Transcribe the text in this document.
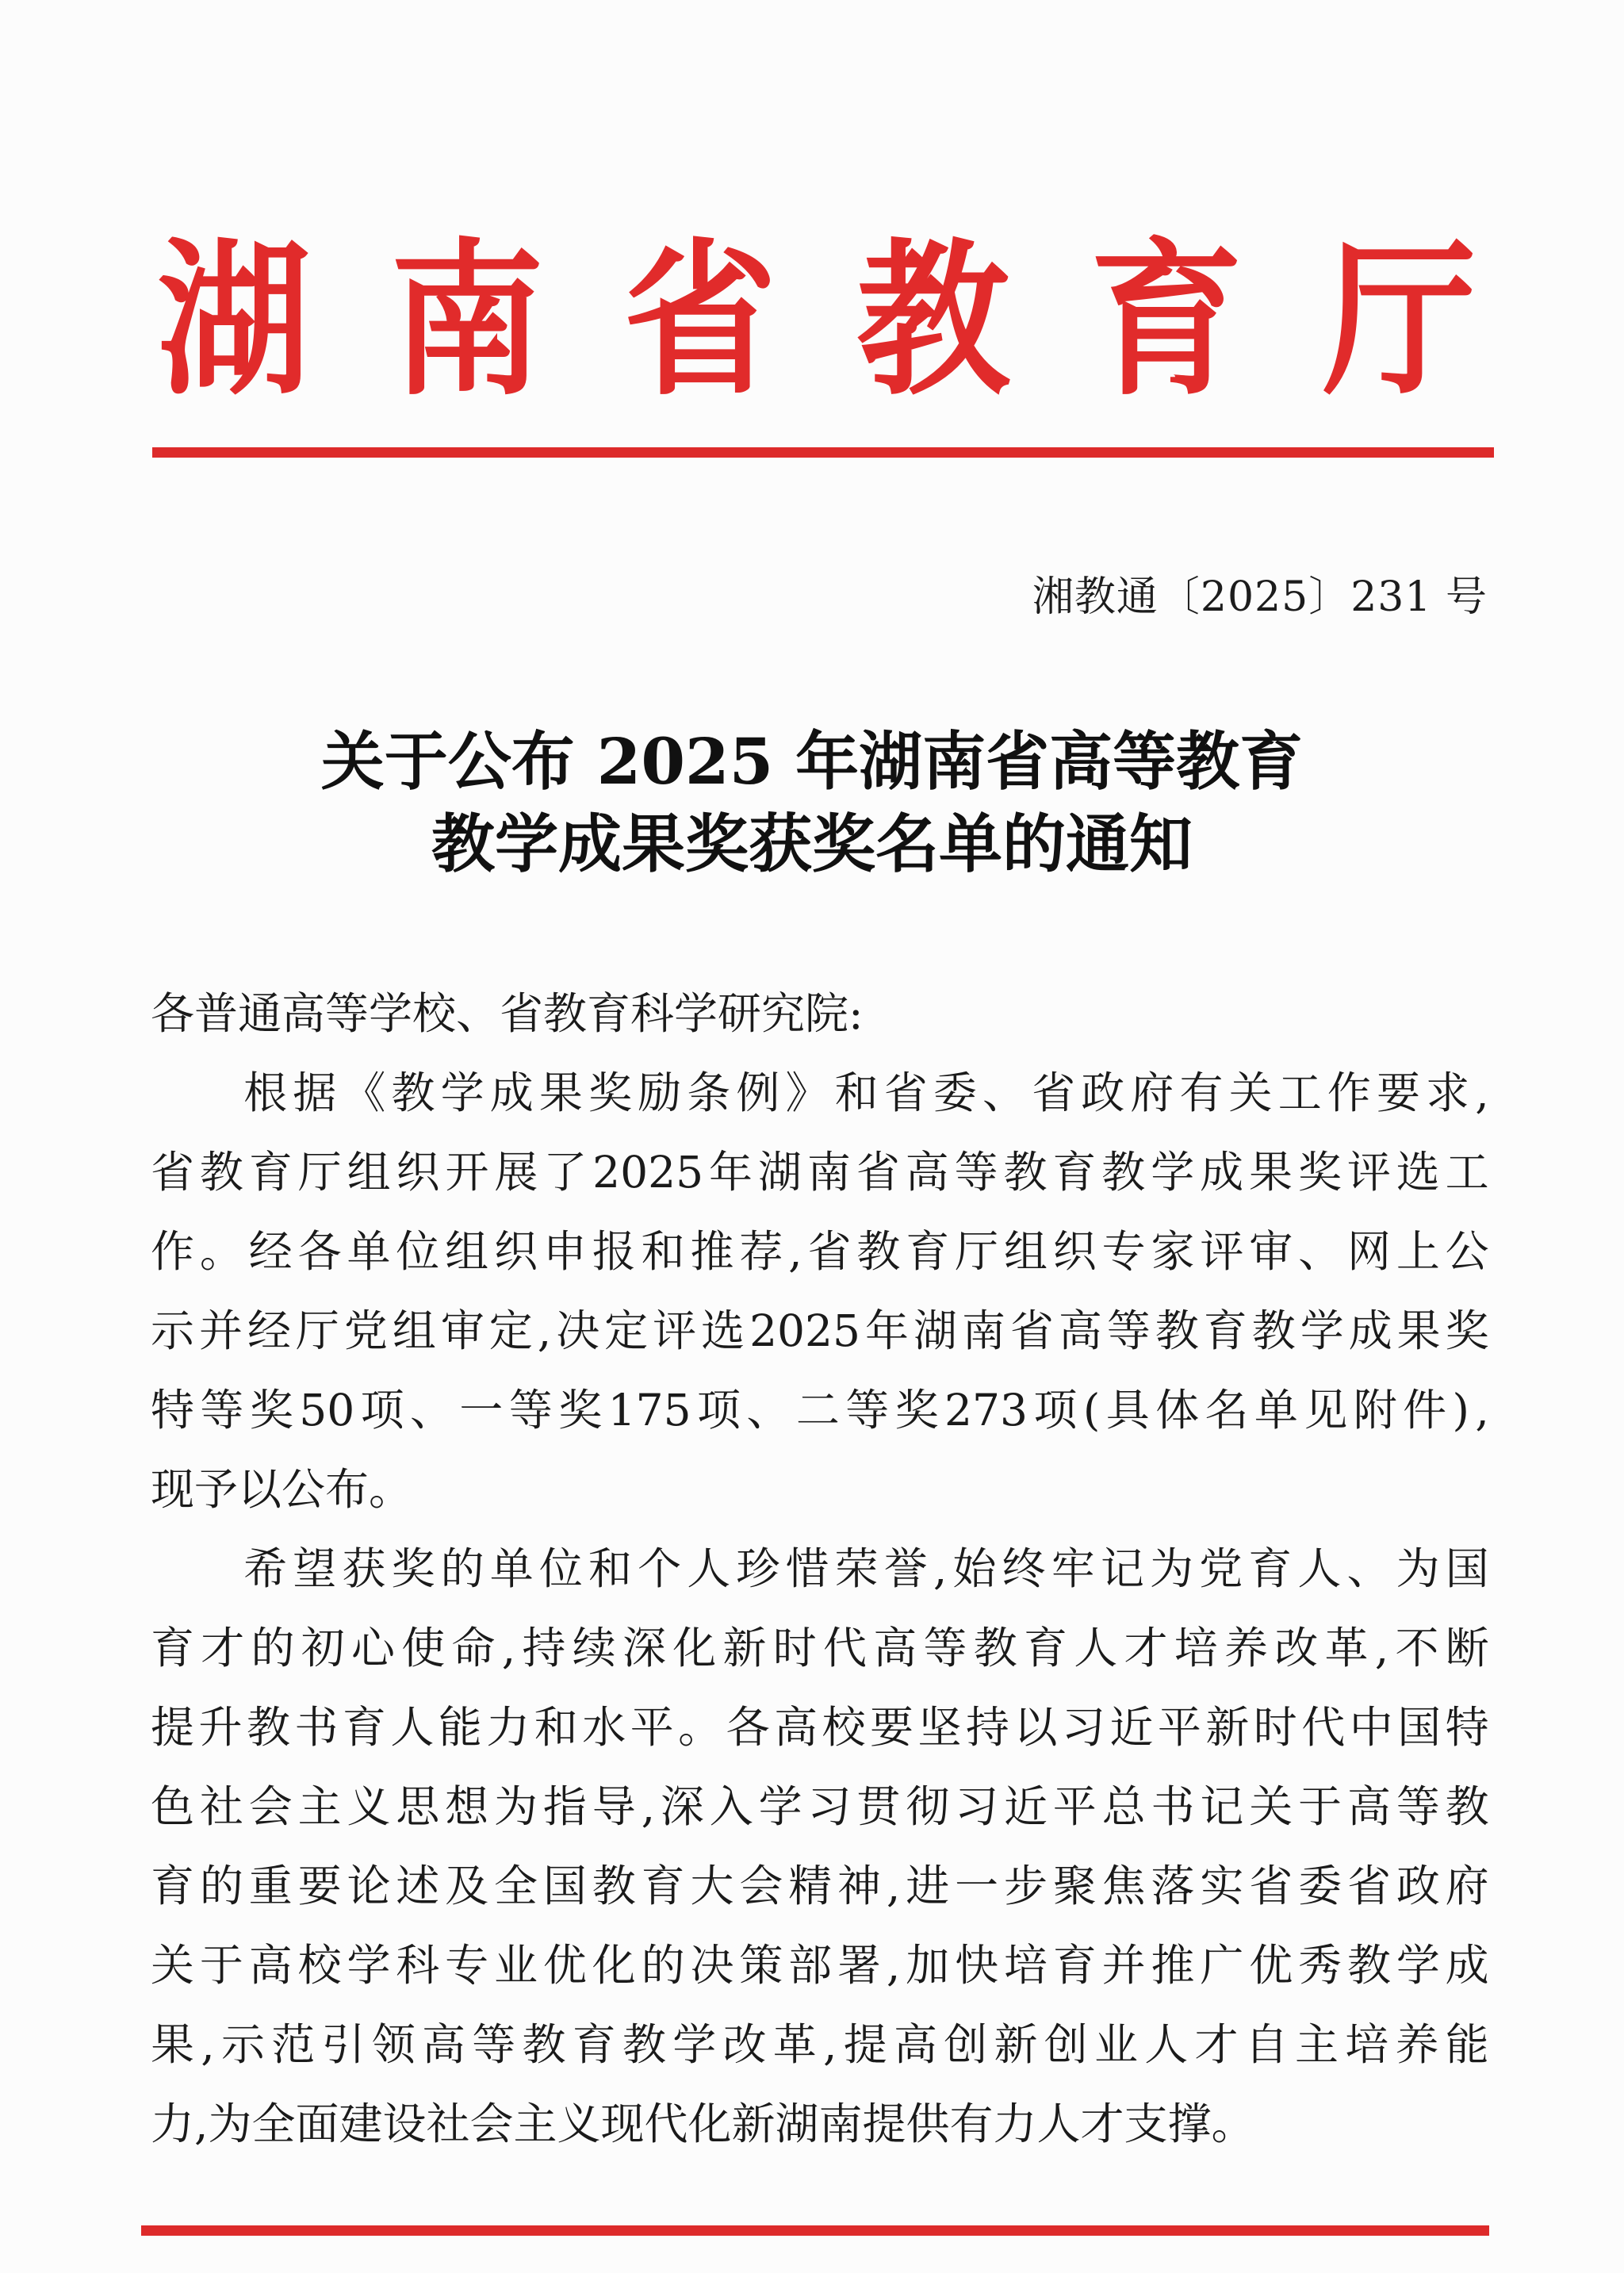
湖 南 省 教 育 厅
湘教通〔2025〕231 号
关于公布 2025 年湖南省高等教育
教学成果奖获奖名单的通知
各普通高等学校、省教育科学研究院:

根 据 《 教 学 成 果 奖 励 条 例 》 和 省 委 、 省 政 府 有 关 工 作 要 求 ,
省 教 育 厅 组 织 开 展 了 2025 年 湖 南 省 高 等 教 育 教 学 成 果 奖 评 选 工
作 。 经 各 单 位 组 织 申 报 和 推 荐 , 省 教 育 厅 组 织 专 家 评 审 、 网 上 公
示 并 经 厅 党 组 审 定 , 决 定 评 选 2025 年 湖 南 省 高 等 教 育 教 学 成 果 奖
特 等 奖 50 项 、 一 等 奖 175 项 、 二 等 奖 273 项 ( 具 体 名 单 见 附 件 ) ,
现予以公布。

希 望 获 奖 的 单 位 和 个 人 珍 惜 荣 誉 , 始 终 牢 记 为 党 育 人 、 为 国
育 才 的 初 心 使 命 , 持 续 深 化 新 时 代 高 等 教 育 人 才 培 养 改 革 , 不 断
提 升 教 书 育 人 能 力 和 水 平 。 各 高 校 要 坚 持 以 习 近 平 新 时 代 中 国 特
色 社 会 主 义 思 想 为 指 导 , 深 入 学 习 贯 彻 习 近 平 总 书 记 关 于 高 等 教
育 的 重 要 论 述 及 全 国 教 育 大 会 精 神 , 进 一 步 聚 焦 落 实 省 委 省 政 府
关 于 高 校 学 科 专 业 优 化 的 决 策 部 署 , 加 快 培 育 并 推 广 优 秀 教 学 成
果 , 示 范 引 领 高 等 教 育 教 学 改 革 , 提 高 创 新 创 业 人 才 自 主 培 养 能
力,为全面建设社会主义现代化新湖南提供有力人才支撑。
